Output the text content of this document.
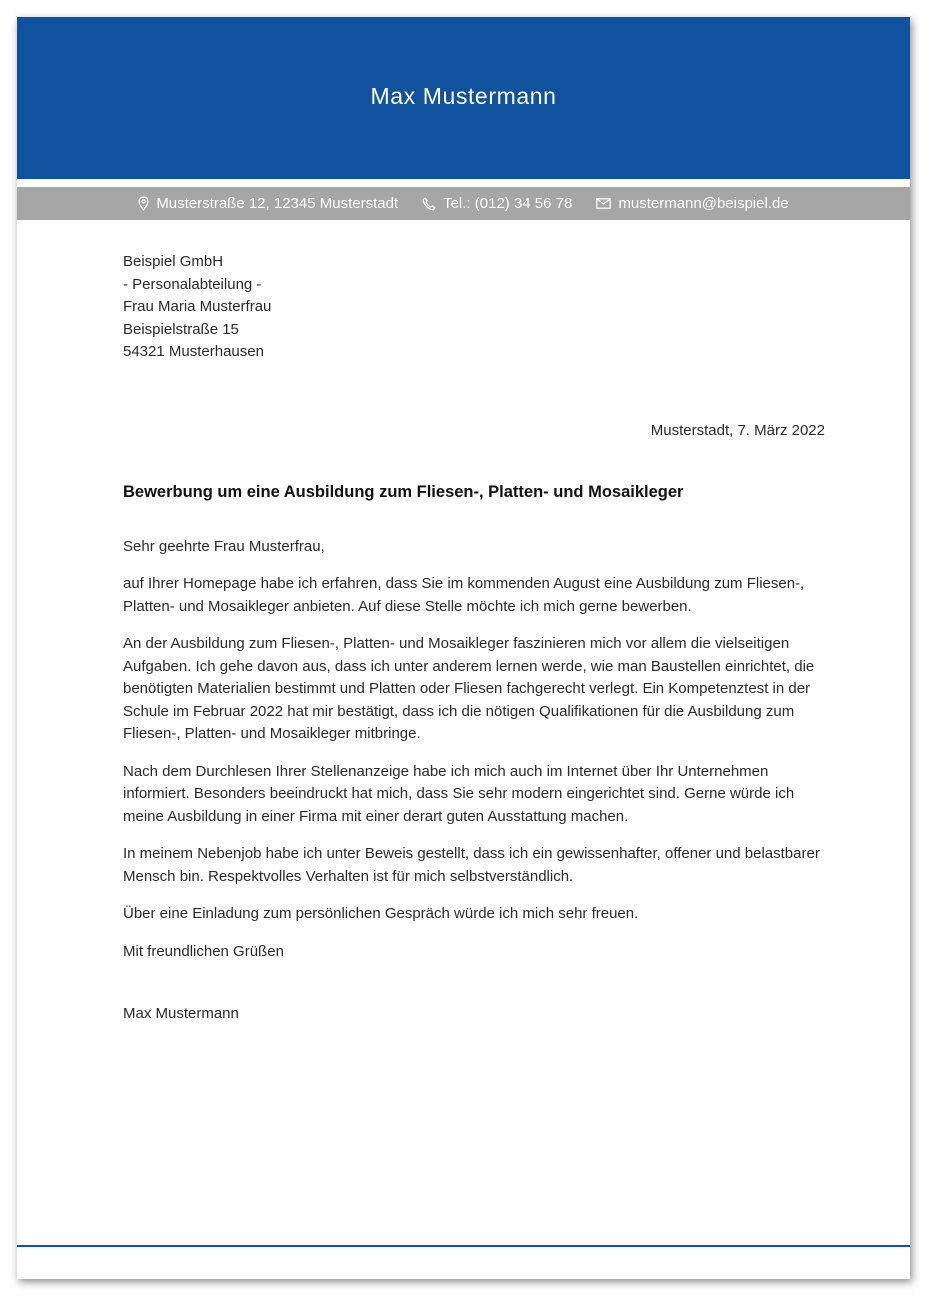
Max Mustermann
Musterstraße 12, 12345 Musterstadt	Tel.: (012) 34 56 78	mustermann@beispiel.de
Beispiel GmbH
- Personalabteilung -
Frau Maria Musterfrau
Beispielstraße 15
54321 Musterhausen
Musterstadt, 7. März 2022
Bewerbung um eine Ausbildung zum Fliesen-, Platten- und Mosaikleger
Sehr geehrte Frau Musterfrau,
auf Ihrer Homepage habe ich erfahren, dass Sie im kommenden August eine Ausbildung zum Fliesen-, Platten- und Mosaikleger anbieten. Auf diese Stelle möchte ich mich gerne bewerben.
An der Ausbildung zum Fliesen-, Platten- und Mosaikleger faszinieren mich vor allem die vielseitigen Aufgaben. Ich gehe davon aus, dass ich unter anderem lernen werde, wie man Baustellen einrichtet, die benötigten Materialien bestimmt und Platten oder Fliesen fachgerecht verlegt. Ein Kompetenztest in der Schule im Februar 2022 hat mir bestätigt, dass ich die nötigen Qualifikationen für die Ausbildung zum Fliesen-, Platten- und Mosaikleger mitbringe.
Nach dem Durchlesen Ihrer Stellenanzeige habe ich mich auch im Internet über Ihr Unternehmen informiert. Besonders beeindruckt hat mich, dass Sie sehr modern eingerichtet sind. Gerne würde ich meine Ausbildung in einer Firma mit einer derart guten Ausstattung machen.
In meinem Nebenjob habe ich unter Beweis gestellt, dass ich ein gewissenhafter, offener und belastbarer Mensch bin. Respektvolles Verhalten ist für mich selbstverständlich.
Über eine Einladung zum persönlichen Gespräch würde ich mich sehr freuen.
Mit freundlichen Grüßen
Max Mustermann
